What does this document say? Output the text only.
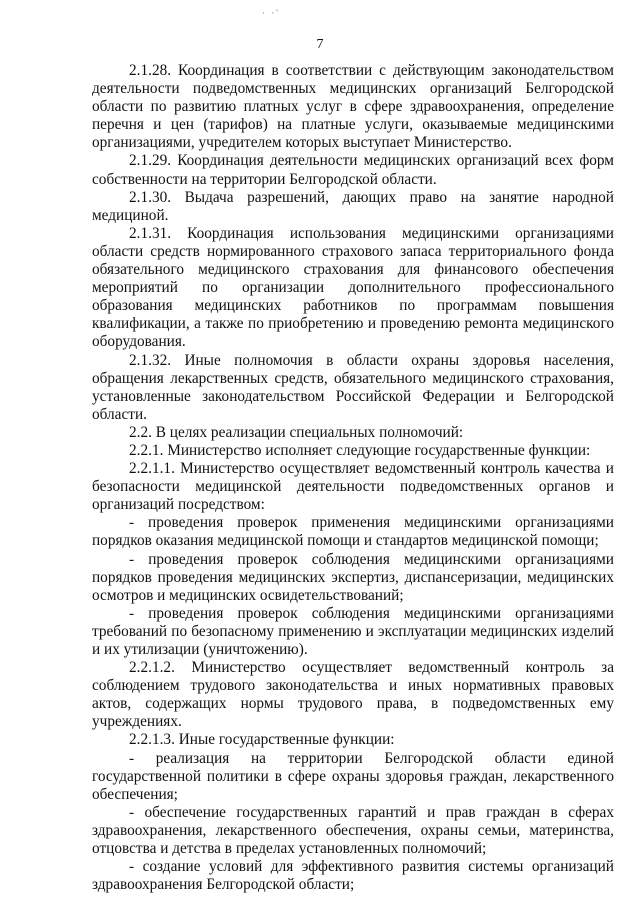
· ·'
7

2.1.28. Координация в соответствии с действующим законодательством деятельности подведомственных медицинских организаций Белгородской области по развитию платных услуг в сфере здравоохранения, определение перечня и цен (тарифов) на платные услуги, оказываемые медицинскими организациями, учредителем которых выступает Министерство.

2.1.29. Координация деятельности медицинских организаций всех форм собственности на территории Белгородской области.

2.1.30. Выдача разрешений, дающих право на занятие народной медициной.

2.1.31. Координация использования медицинскими организациями области средств нормированного страхового запаса территориального фонда обязательного медицинского страхования для финансового обеспечения мероприятий по организации дополнительного профессионального образования медицинских работников по программам повышения квалификации, а также по приобретению и проведению ремонта медицинского оборудования.

2.1.32. Иные полномочия в области охраны здоровья населения, обращения лекарственных средств, обязательного медицинского страхования, установленные законодательством Российской Федерации и Белгородской области.

2.2. В целях реализации специальных полномочий:

2.2.1. Министерство исполняет следующие государственные функции:

2.2.1.1. Министерство осуществляет ведомственный контроль качества и безопасности медицинской деятельности подведомственных органов и организаций посредством:

- проведения проверок применения медицинскими организациями порядков оказания медицинской помощи и стандартов медицинской помощи;

- проведения проверок соблюдения медицинскими организациями порядков проведения медицинских экспертиз, диспансеризации, медицинских осмотров и медицинских освидетельствований;

- проведения проверок соблюдения медицинскими организациями требований по безопасному применению и эксплуатации медицинских изделий и их утилизации (уничтожению).

2.2.1.2. Министерство осуществляет ведомственный контроль за соблюдением трудового законодательства и иных нормативных правовых актов, содержащих нормы трудового права, в подведомственных ему учреждениях.

2.2.1.3. Иные государственные функции:

- реализация на территории Белгородской области единой государственной политики в сфере охраны здоровья граждан, лекарственного обеспечения;

- обеспечение государственных гарантий и прав граждан в сферах здравоохранения, лекарственного обеспечения, охраны семьи, материнства, отцовства и детства в пределах установленных полномочий;

- создание условий для эффективного развития системы организаций здравоохранения Белгородской области;
